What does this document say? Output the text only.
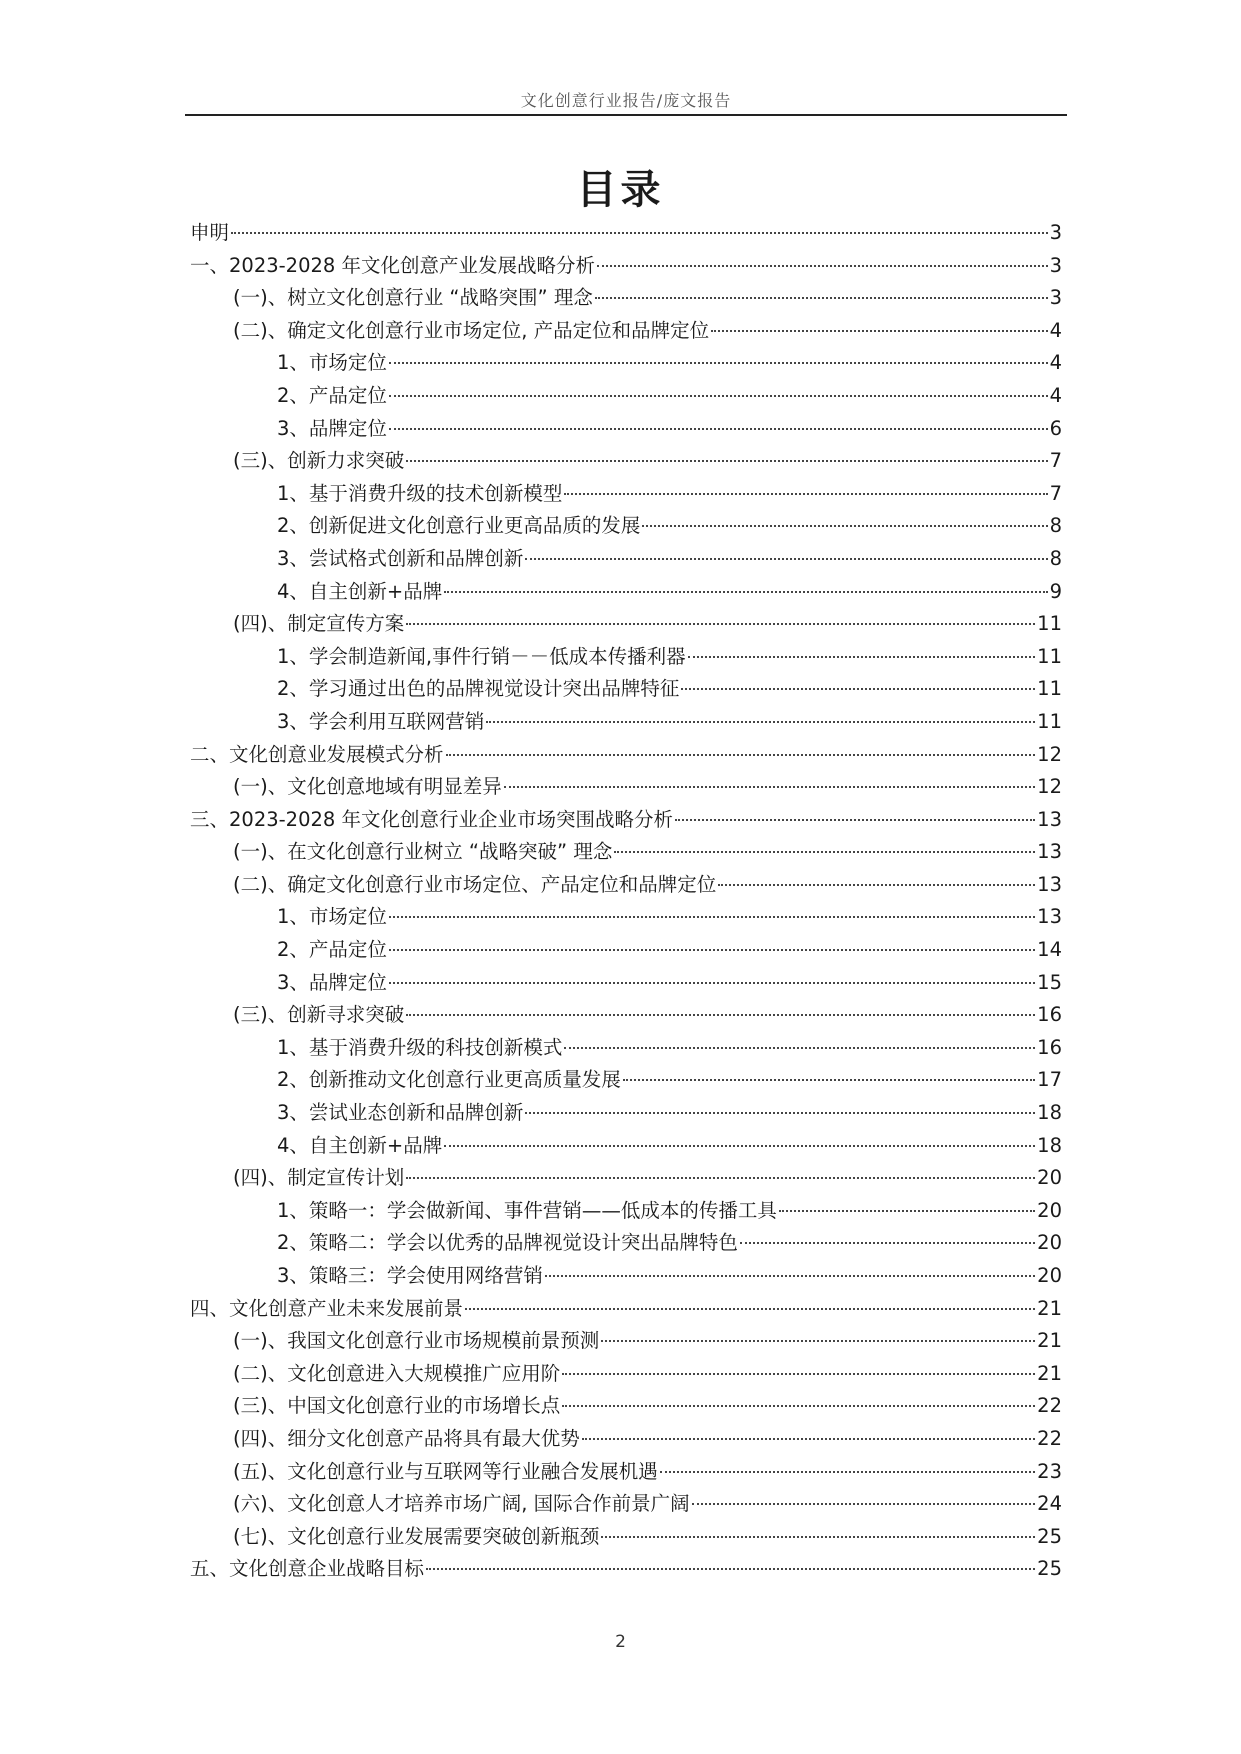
文化创意行业报告/庞文报告
目录
申明	3
一、2023-2028 年文化创意产业发展战略分析	3
(一)、树立文化创意行业 “战略突围” 理念	3
(二)、确定文化创意行业市场定位, 产品定位和品牌定位	4
1、市场定位	4
2、产品定位	4
3、品牌定位	6
(三)、创新力求突破	7
1、基于消费升级的技术创新模型	7
2、创新促进文化创意行业更高品质的发展	8
3、尝试格式创新和品牌创新	8
4、自主创新+品牌	9
(四)、制定宣传方案	11
1、学会制造新闻,事件行销－－低成本传播利器	11
2、学习通过出色的品牌视觉设计突出品牌特征	11
3、学会利用互联网营销	11
二、文化创意业发展模式分析	12
(一)、文化创意地域有明显差异	12
三、2023-2028 年文化创意行业企业市场突围战略分析	13
(一)、在文化创意行业树立 “战略突破” 理念	13
(二)、确定文化创意行业市场定位、产品定位和品牌定位	13
1、市场定位	13
2、产品定位	14
3、品牌定位	15
(三)、创新寻求突破	16
1、基于消费升级的科技创新模式	16
2、创新推动文化创意行业更高质量发展	17
3、尝试业态创新和品牌创新	18
4、自主创新+品牌	18
(四)、制定宣传计划	20
1、策略一：学会做新闻、事件营销——低成本的传播工具	20
2、策略二：学会以优秀的品牌视觉设计突出品牌特色	20
3、策略三：学会使用网络营销	20
四、文化创意产业未来发展前景	21
(一)、我国文化创意行业市场规模前景预测	21
(二)、文化创意进入大规模推广应用阶	21
(三)、中国文化创意行业的市场增长点	22
(四)、细分文化创意产品将具有最大优势	22
(五)、文化创意行业与互联网等行业融合发展机遇	23
(六)、文化创意人才培养市场广阔, 国际合作前景广阔	24
(七)、文化创意行业发展需要突破创新瓶颈	25
五、文化创意企业战略目标	25
2
